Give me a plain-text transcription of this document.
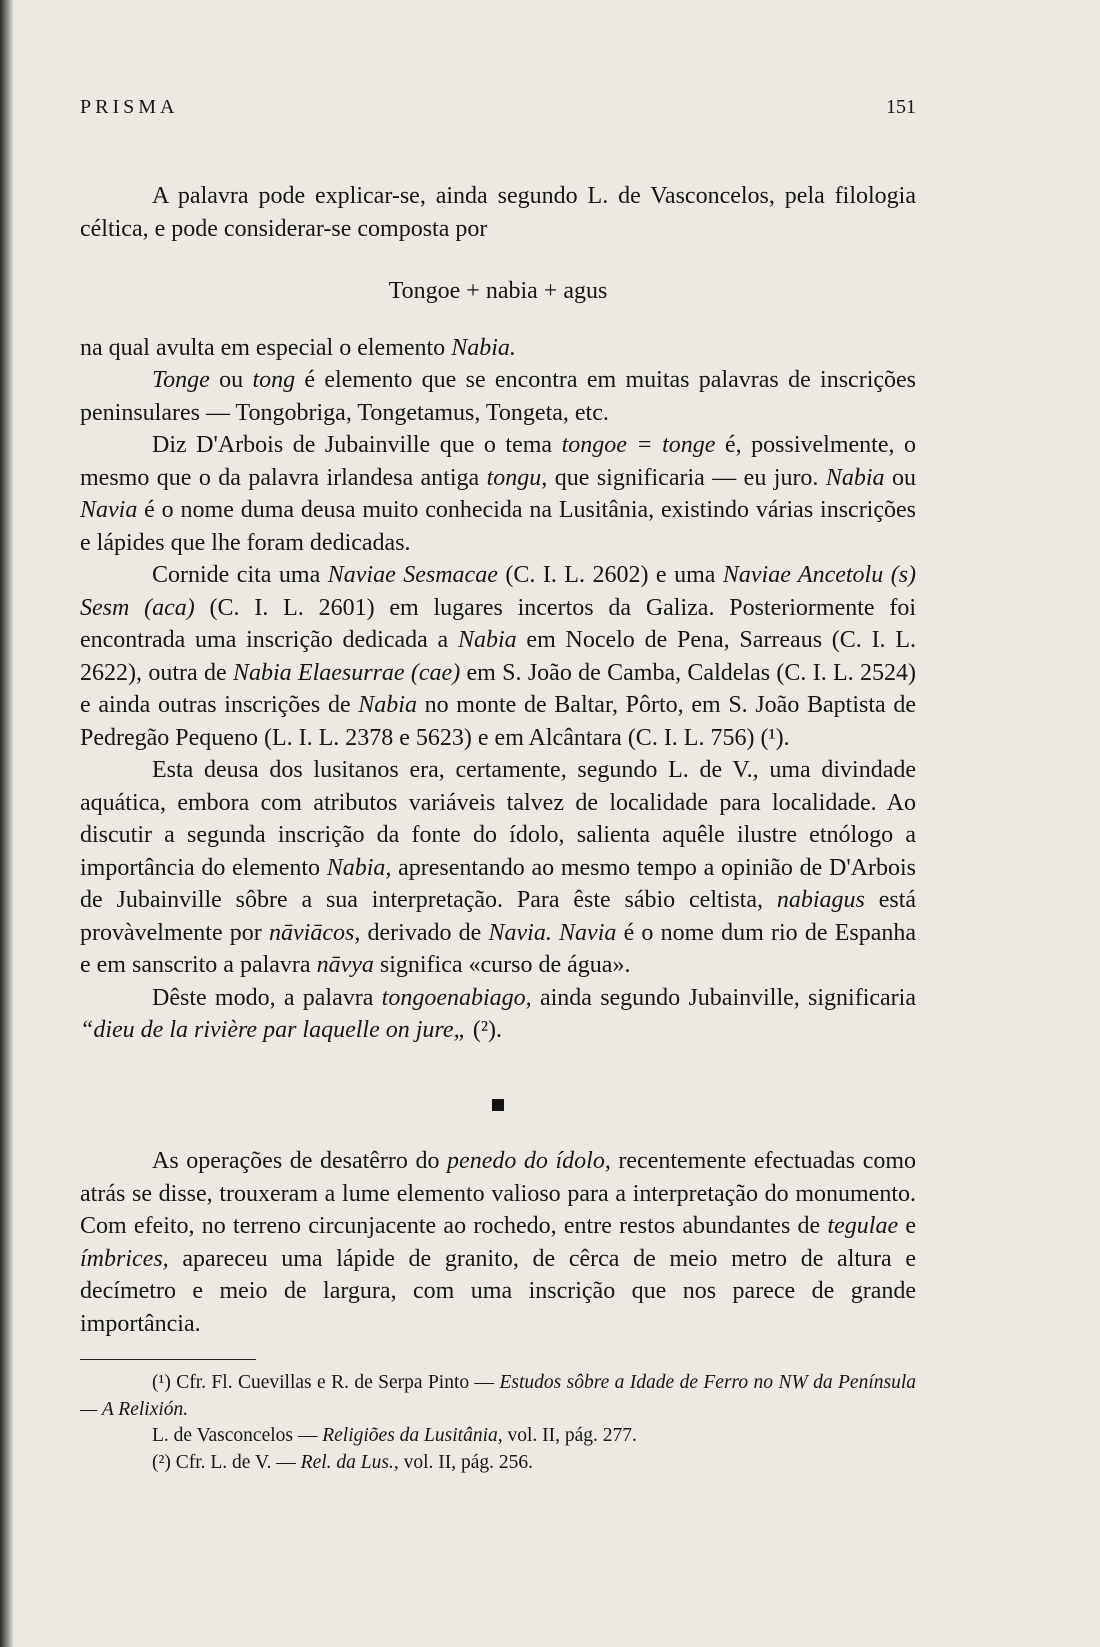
PRISMA	151

A palavra pode explicar-se, ainda segundo L. de Vasconcelos, pela filologia céltica, e pode considerar-se composta por

Tongoe + nabia + agus

na qual avulta em especial o elemento Nabia.

Tonge ou tong é elemento que se encontra em muitas palavras de inscrições peninsulares — Tongobriga, Tongetamus, Tongeta, etc.

Diz D'Arbois de Jubainville que o tema tongoe = tonge é, possivelmente, o mesmo que o da palavra irlandesa antiga tongu, que significaria — eu juro. Nabia ou Navia é o nome duma deusa muito conhecida na Lusitânia, existindo várias inscrições e lápides que lhe foram dedicadas.

Cornide cita uma Naviae Sesmacae (C. I. L. 2602) e uma Naviae Ancetolu (s) Sesm (aca) (C. I. L. 2601) em lugares incertos da Galiza. Posteriormente foi encontrada uma inscrição dedicada a Nabia em Nocelo de Pena, Sarreaus (C. I. L. 2622), outra de Nabia Elaesurrae (cae) em S. João de Camba, Caldelas (C. I. L. 2524) e ainda outras inscrições de Nabia no monte de Baltar, Pôrto, em S. João Baptista de Pedregão Pequeno (L. I. L. 2378 e 5623) e em Alcântara (C. I. L. 756) (¹).

Esta deusa dos lusitanos era, certamente, segundo L. de V., uma divindade aquática, embora com atributos variáveis talvez de localidade para localidade. Ao discutir a segunda inscrição da fonte do ídolo, salienta aquêle ilustre etnólogo a importância do elemento Nabia, apresentando ao mesmo tempo a opinião de D'Arbois de Jubainville sôbre a sua interpretação. Para êste sábio celtista, nabiagus está provàvelmente por nāviācos, derivado de Navia. Navia é o nome dum rio de Espanha e em sanscrito a palavra nāvya significa «curso de água».

Dêste modo, a palavra tongoenabiago, ainda segundo Jubainville, significaria “dieu de la rivière par laquelle on jure„ (²).

As operações de desatêrro do penedo do ídolo, recentemente efectuadas como atrás se disse, trouxeram a lume elemento valioso para a interpretação do monumento. Com efeito, no terreno circunjacente ao rochedo, entre restos abundantes de tegulae e ímbrices, apareceu uma lápide de granito, de cêrca de meio metro de altura e decímetro e meio de largura, com uma inscrição que nos parece de grande importância.

(¹) Cfr. Fl. Cuevillas e R. de Serpa Pinto — Estudos sôbre a Idade de Ferro no NW da Península — A Relixión.

L. de Vasconcelos — Religiões da Lusitânia, vol. II, pág. 277.

(²) Cfr. L. de V. — Rel. da Lus., vol. II, pág. 256.
